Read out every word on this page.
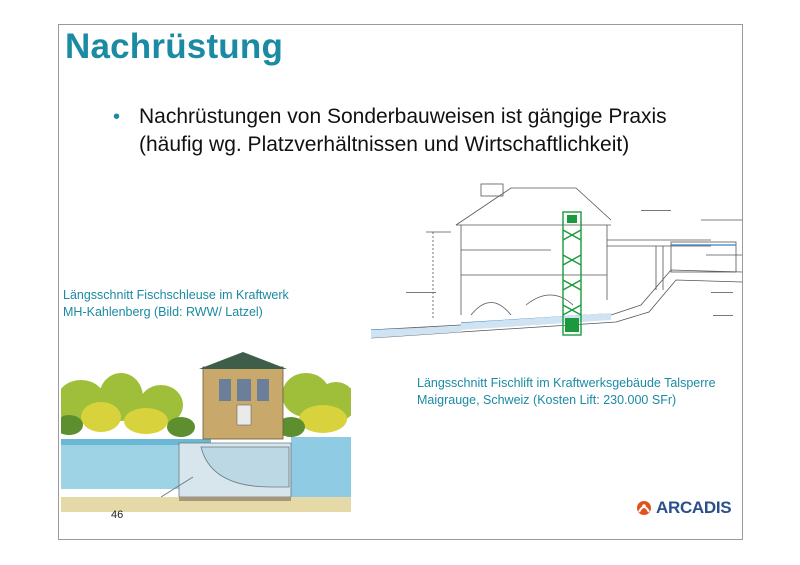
Nachrüstung
• Nachrüstungen von Sonderbauweisen ist gängige Praxis
(häufig wg. Platzverhältnissen und Wirtschaftlichkeit)
Längsschnitt Fischschleuse im Kraftwerk
MH-Kahlenberg (Bild: RWW/ Latzel)
Längsschnitt Fischlift im Kraftwerksgebäude Talsperre
Maigrauge, Schweiz (Kosten Lift: 230.000 SFr)
46	ARCADIS
